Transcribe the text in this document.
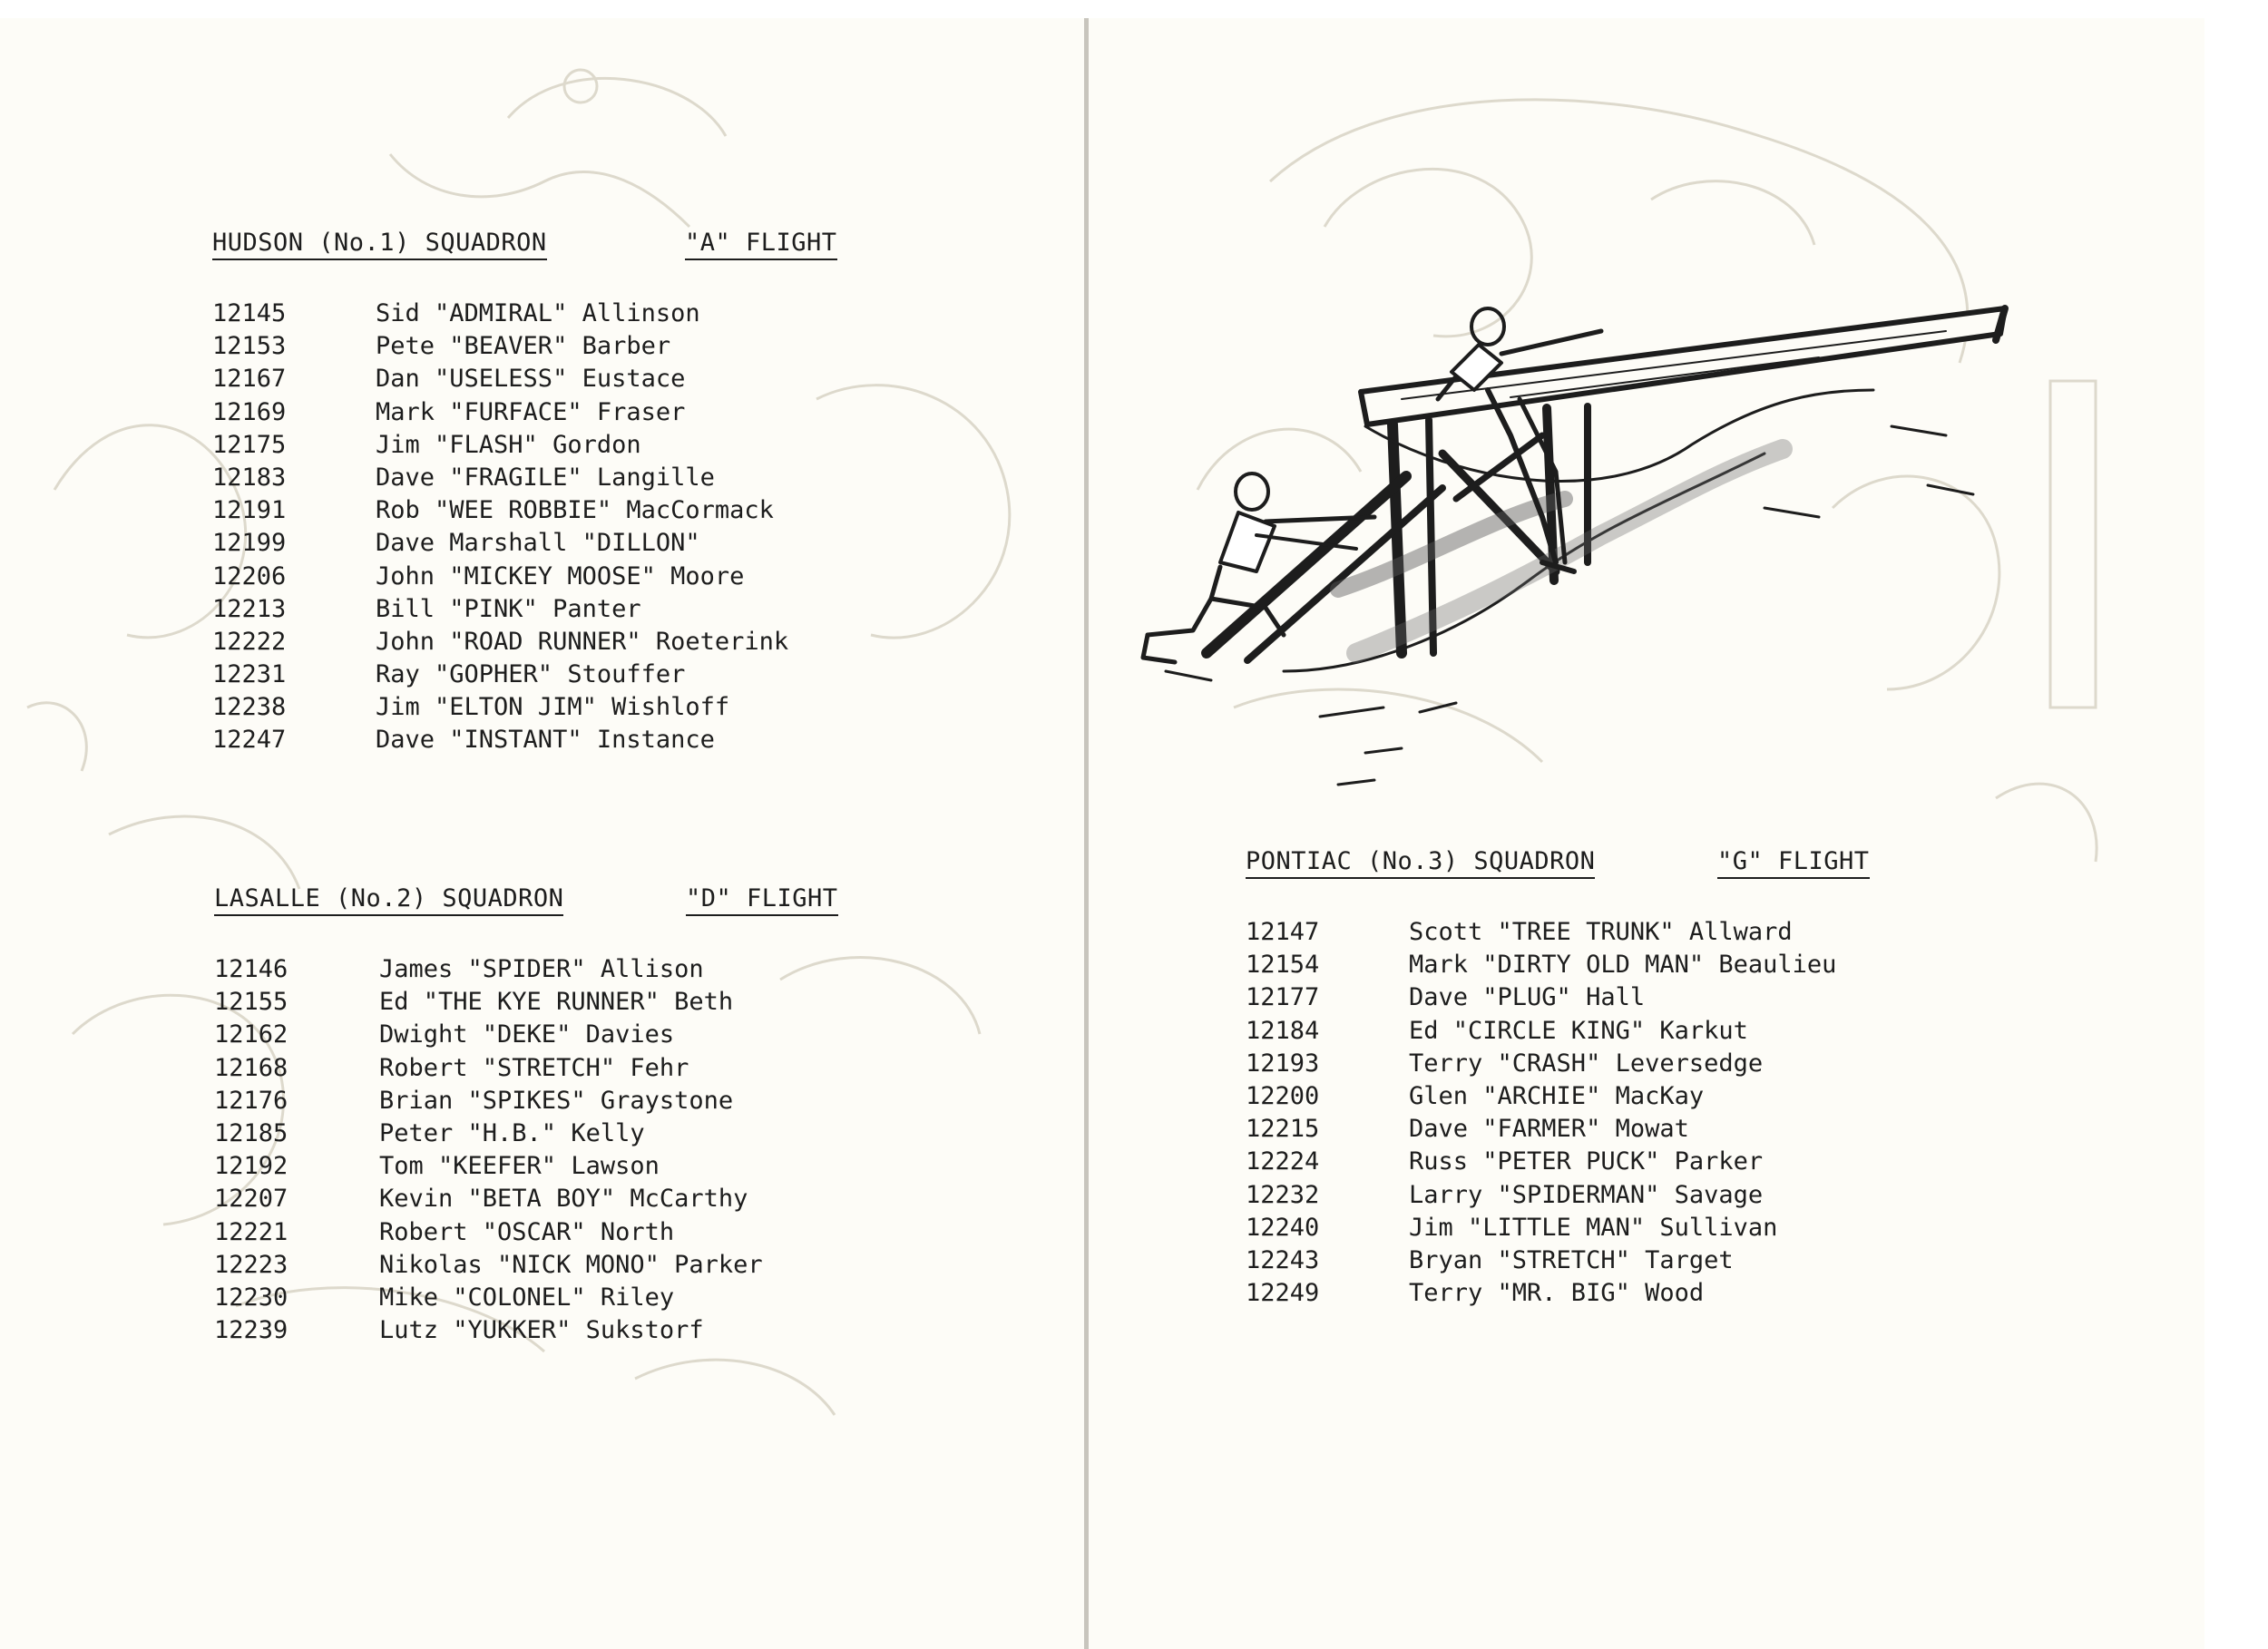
HUDSON (No.1) SQUADRON	"A" FLIGHT
12145	Sid "ADMIRAL" Allinson
12153	Pete "BEAVER" Barber
12167	Dan "USELESS" Eustace
12169	Mark "FURFACE" Fraser
12175	Jim "FLASH" Gordon
12183	Dave "FRAGILE" Langille
12191	Rob "WEE ROBBIE" MacCormack
12199	Dave Marshall "DILLON"
12206	John "MICKEY MOOSE" Moore
12213	Bill "PINK" Panter
12222	John "ROAD RUNNER" Roeterink
12231	Ray "GOPHER" Stouffer
12238	Jim "ELTON JIM" Wishloff
12247	Dave "INSTANT" Instance
LASALLE (No.2) SQUADRON	"D" FLIGHT
12146	James "SPIDER" Allison
12155	Ed "THE KYE RUNNER" Beth
12162	Dwight "DEKE" Davies
12168	Robert "STRETCH" Fehr
12176	Brian "SPIKES" Graystone
12185	Peter "H.B." Kelly
12192	Tom "KEEFER" Lawson
12207	Kevin "BETA BOY" McCarthy
12221	Robert "OSCAR" North
12223	Nikolas "NICK MONO" Parker
12230	Mike "COLONEL" Riley
12239	Lutz "YUKKER" Sukstorf
PONTIAC (No.3) SQUADRON	"G" FLIGHT
12147	Scott "TREE TRUNK" Allward
12154	Mark "DIRTY OLD MAN" Beaulieu
12177	Dave "PLUG" Hall
12184	Ed "CIRCLE KING" Karkut
12193	Terry "CRASH" Leversedge
12200	Glen "ARCHIE" MacKay
12215	Dave "FARMER" Mowat
12224	Russ "PETER PUCK" Parker
12232	Larry "SPIDERMAN" Savage
12240	Jim "LITTLE MAN" Sullivan
12243	Bryan "STRETCH" Target
12249	Terry "MR. BIG" Wood
